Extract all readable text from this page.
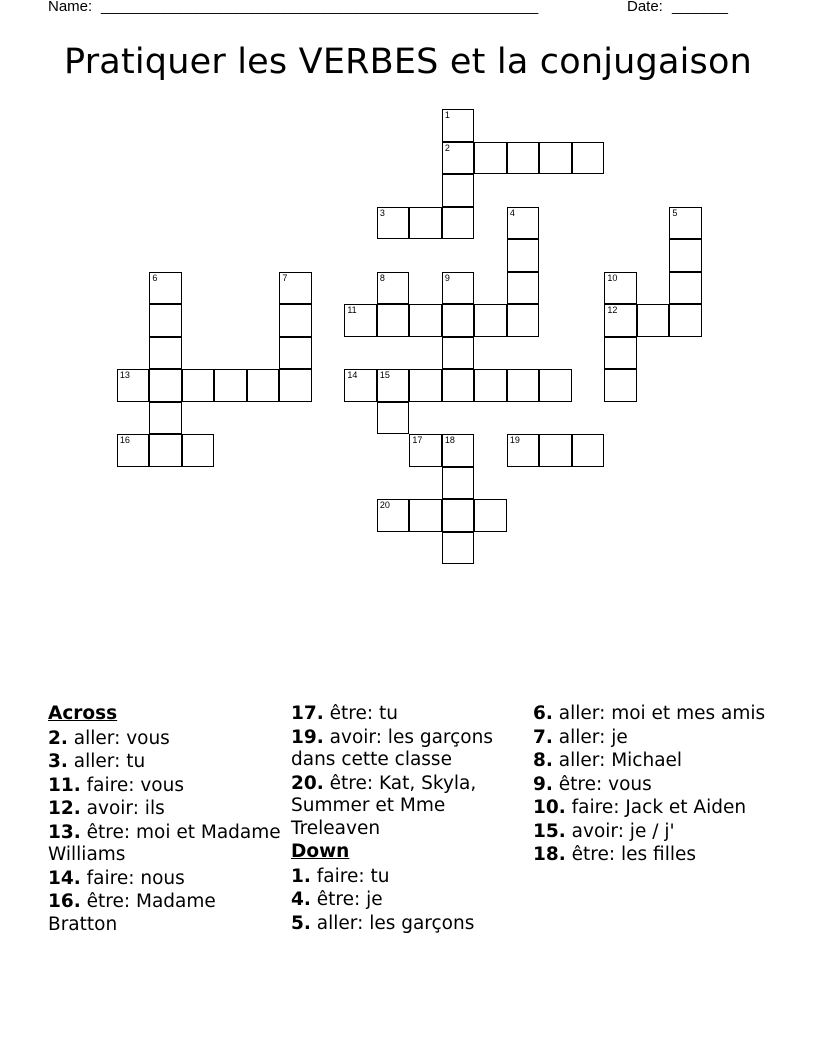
Name: _______________________________________________________	Date: _______
Pratiquer les VERBES et la conjugaison
1
2
3	4	5
6	7	8	9	10
11	12
13	14 15
16	17 18	19
20
Across
2. aller: vous
3. aller: tu
11. faire: vous
12. avoir: ils
13. être: moi et Madame Williams
14. faire: nous
16. être: Madame Bratton
17. être: tu
19. avoir: les garçons dans cette classe
20. être: Kat, Skyla, Summer et Mme Treleaven
Down
1. faire: tu
4. être: je
5. aller: les garçons
6. aller: moi et mes amis
7. aller: je
8. aller: Michael
9. être: vous
10. faire: Jack et Aiden
15. avoir: je / j'
18. être: les filles
